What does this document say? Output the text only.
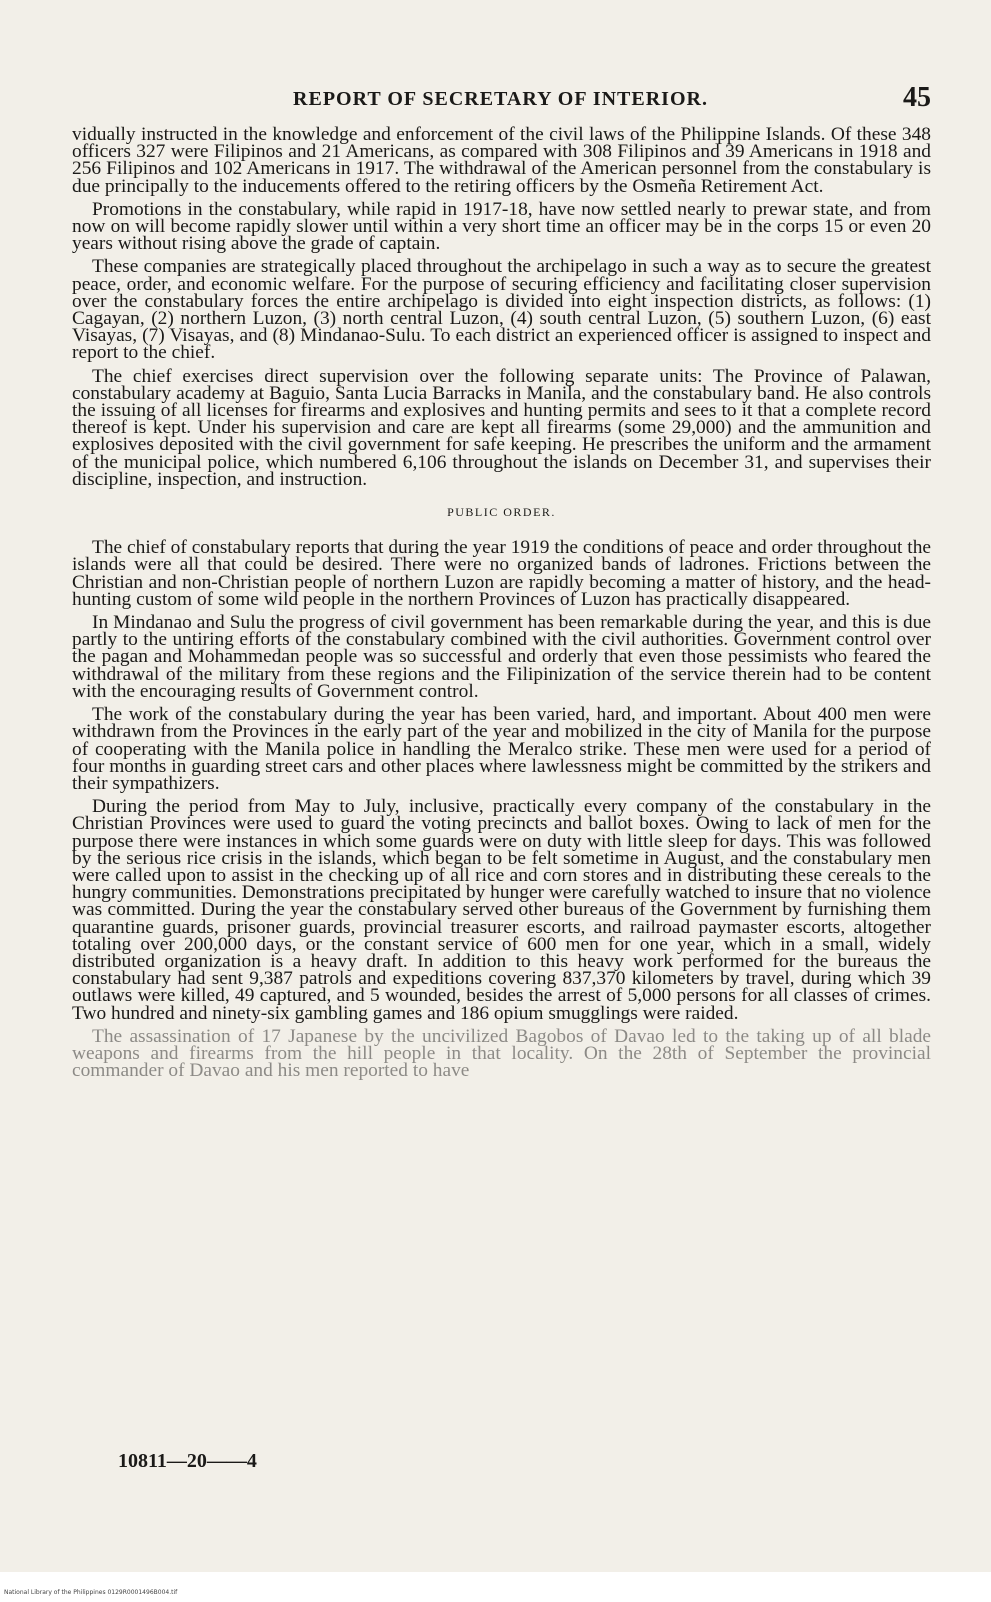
REPORT OF SECRETARY OF INTERIOR.	45

vidually instructed in the knowledge and enforcement of the civil laws of the Philippine Islands. Of these 348 officers 327 were Filipinos and 21 Americans, as compared with 308 Filipinos and 39 Americans in 1918 and 256 Filipinos and 102 Americans in 1917. The withdrawal of the American personnel from the constabulary is due principally to the inducements offered to the retiring officers by the Osmeña Retirement Act.

Promotions in the constabulary, while rapid in 1917-18, have now settled nearly to prewar state, and from now on will become rapidly slower until within a very short time an officer may be in the corps 15 or even 20 years without rising above the grade of captain.

These companies are strategically placed throughout the archipelago in such a way as to secure the greatest peace, order, and economic welfare. For the purpose of securing efficiency and facilitating closer supervision over the constabulary forces the entire archipelago is divided into eight inspection districts, as follows: (1) Cagayan, (2) northern Luzon, (3) north central Luzon, (4) south central Luzon, (5) southern Luzon, (6) east Visayas, (7) Visayas, and (8) Mindanao-Sulu. To each district an experienced officer is assigned to inspect and report to the chief.

The chief exercises direct supervision over the following separate units: The Province of Palawan, constabulary academy at Baguio, Santa Lucia Barracks in Manila, and the constabulary band. He also controls the issuing of all licenses for firearms and explosives and hunting permits and sees to it that a complete record thereof is kept. Under his supervision and care are kept all firearms (some 29,000) and the ammunition and explosives deposited with the civil government for safe keeping. He prescribes the uniform and the armament of the municipal police, which numbered 6,106 throughout the islands on December 31, and supervises their discipline, inspection, and instruction.

PUBLIC ORDER.

The chief of constabulary reports that during the year 1919 the conditions of peace and order throughout the islands were all that could be desired. There were no organized bands of ladrones. Frictions between the Christian and non-Christian people of northern Luzon are rapidly becoming a matter of history, and the head-hunting custom of some wild people in the northern Provinces of Luzon has practically disappeared.

In Mindanao and Sulu the progress of civil government has been remarkable during the year, and this is due partly to the untiring efforts of the constabulary combined with the civil authorities. Government control over the pagan and Mohammedan people was so successful and orderly that even those pessimists who feared the withdrawal of the military from these regions and the Filipinization of the service therein had to be content with the encouraging results of Government control.

The work of the constabulary during the year has been varied, hard, and important. About 400 men were withdrawn from the Provinces in the early part of the year and mobilized in the city of Manila for the purpose of cooperating with the Manila police in handling the Meralco strike. These men were used for a period of four months in guarding street cars and other places where lawlessness might be committed by the strikers and their sympathizers.

During the period from May to July, inclusive, practically every company of the constabulary in the Christian Provinces were used to guard the voting precincts and ballot boxes. Owing to lack of men for the purpose there were instances in which some guards were on duty with little sleep for days. This was followed by the serious rice crisis in the islands, which began to be felt sometime in August, and the constabulary men were called upon to assist in the checking up of all rice and corn stores and in distributing these cereals to the hungry communities. Demonstrations precipitated by hunger were carefully watched to insure that no violence was committed. During the year the constabulary served other bureaus of the Government by furnishing them quarantine guards, prisoner guards, provincial treasurer escorts, and railroad paymaster escorts, altogether totaling over 200,000 days, or the constant service of 600 men for one year, which in a small, widely distributed organization is a heavy draft. In addition to this heavy work performed for the bureaus the constabulary had sent 9,387 patrols and expeditions covering 837,370 kilometers by travel, during which 39 outlaws were killed, 49 captured, and 5 wounded, besides the arrest of 5,000 persons for all classes of crimes. Two hundred and ninety-six gambling games and 186 opium smugglings were raided.

The assassination of 17 Japanese by the uncivilized Bagobos of Davao led to the taking up of all blade weapons and firearms from the hill people in that locality. On the 28th of September the provincial commander of Davao and his men reported to have

10811—20——4
National Library of the Philippines 0129R0001496B004.tif
